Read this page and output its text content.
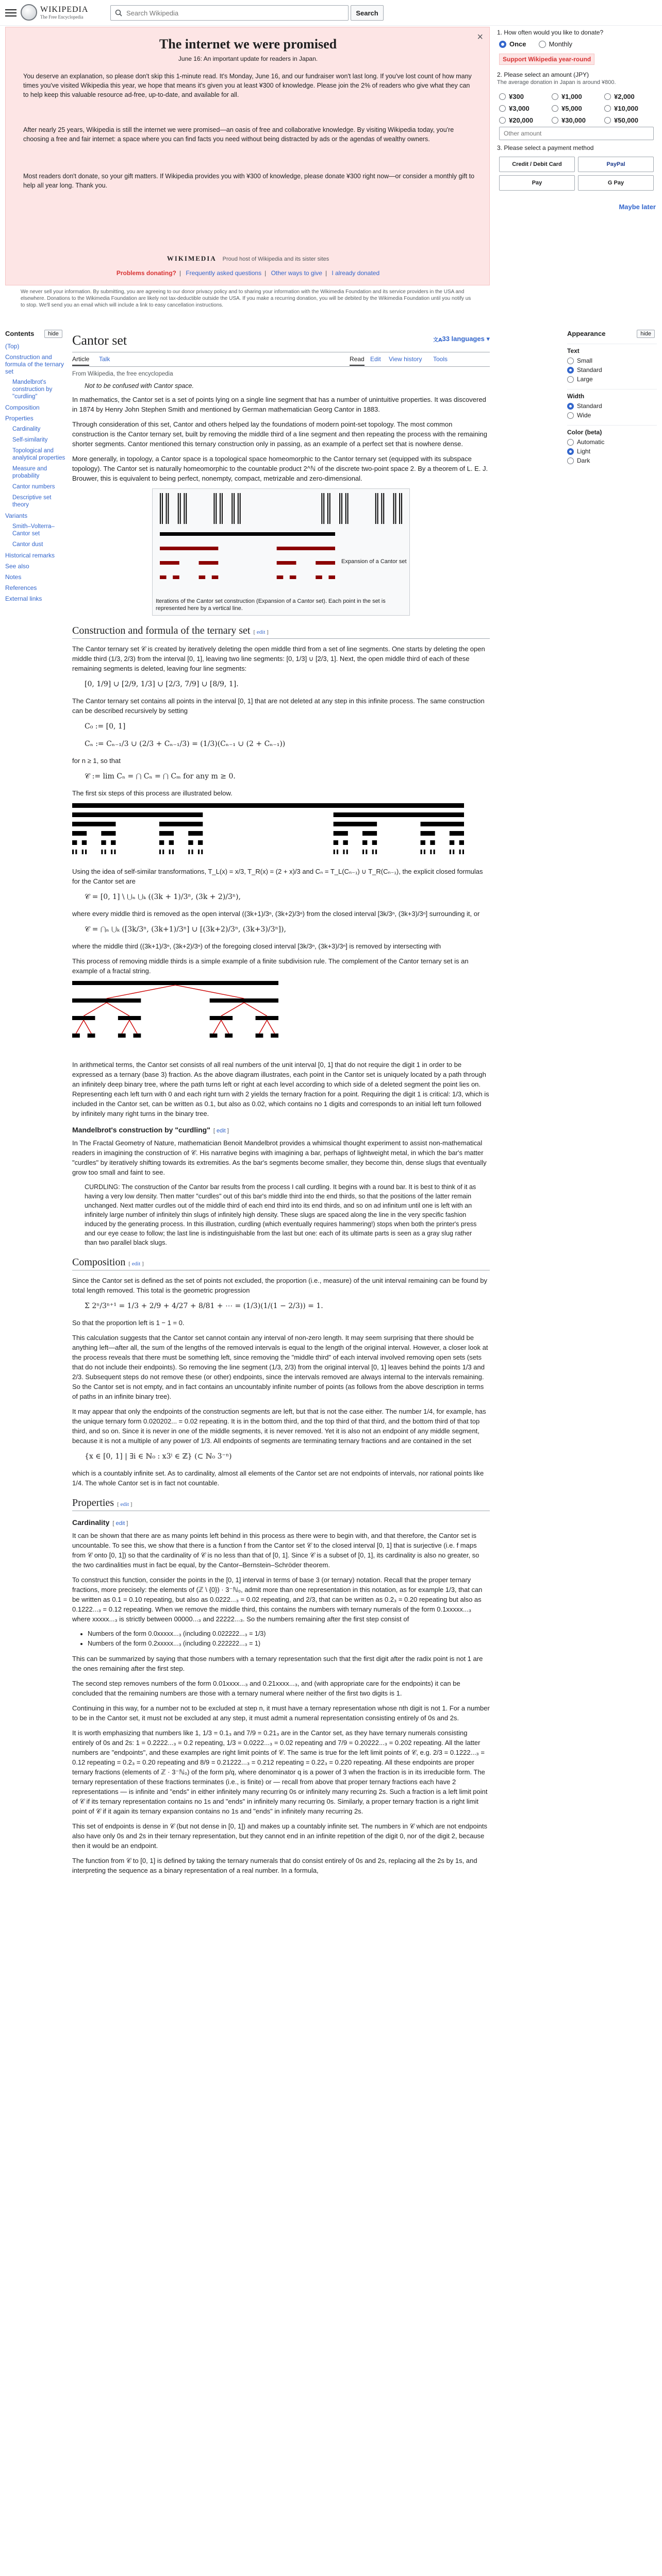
WIKIPEDIA
The Free Encyclopedia
Search Wikipedia
Search
×
The internet we were promised
June 16: An important update for readers in Japan.
You deserve an explanation, so please don't skip this 1-minute read. It's Monday, June 16, and our fundraiser won't last long. If you've lost count of how many times you've visited Wikipedia this year, we hope that means it's given you at least ¥300 of knowledge. Please join the 2% of readers who give what they can to help keep this valuable resource ad-free, up-to-date, and available for all.
After nearly 25 years, Wikipedia is still the internet we were promised—an oasis of free and collaborative knowledge. By visiting Wikipedia today, you're choosing a free and fair internet: a space where you can find facts you need without being distracted by ads or the agendas of wealthy owners.
Most readers don't donate, so your gift matters. If Wikipedia provides you with ¥300 of knowledge, please donate ¥300 right now—or consider a monthly gift to help all year long. Thank you.
WIKIMEDIA Proud host of Wikipedia and its sister sites
Problems donating? | Frequently asked questions | Other ways to give | I already donated
We never sell your information. By submitting, you are agreeing to our donor privacy policy and to sharing your information with the Wikimedia Foundation and its service providers in the USA and elsewhere. Donations to the Wikimedia Foundation are likely not tax-deductible outside the USA. If you make a recurring donation, you will be debited by the Wikimedia Foundation until you notify us to stop. We'll send you an email which will include a link to easy cancellation instructions.
1. How often would you like to donate?
Once	Monthly
Support Wikipedia year-round
2. Please select an amount (JPY)
The average donation in Japan is around ¥800.
¥300	¥1,000	¥2,000
¥3,000	¥5,000	¥10,000
¥20,000	¥30,000	¥50,000
Other amount
3. Please select a payment method
Credit / Debit Card	PayPal
Pay	G Pay
Maybe later
Contents	hide
(Top)
Construction and formula of the ternary set
Mandelbrot's construction by "curdling"
Composition
Properties
Cardinality
Self-similarity
Topological and analytical properties
Measure and probability
Cantor numbers
Descriptive set theory
Variants
Smith–Volterra–Cantor set
Cantor dust
Historical remarks
See also
Notes
References
External links
Cantor set	文A 33 languages ▾
Article Talk	Read Edit View history Tools
From Wikipedia, the free encyclopedia
Not to be confused with Cantor space.

In mathematics, the Cantor set is a set of points lying on a single line segment that has a number of unintuitive properties. It was discovered in 1874 by Henry John Stephen Smith and mentioned by German mathematician Georg Cantor in 1883.

Through consideration of this set, Cantor and others helped lay the foundations of modern point-set topology. The most common construction is the Cantor ternary set, built by removing the middle third of a line segment and then repeating the process with the remaining shorter segments. Cantor mentioned this ternary construction only in passing, as an example of a perfect set that is nowhere dense.

More generally, in topology, a Cantor space is a topological space homeomorphic to the Cantor ternary set (equipped with its subspace topology). The Cantor set is naturally homeomorphic to the countable product 2^ℕ of the discrete two-point space 2. By a theorem of L. E. J. Brouwer, this is equivalent to being perfect, nonempty, compact, metrizable and zero-dimensional.

Expansion of a Cantor set
Iterations of the Cantor set construction (Expansion of a Cantor set). Each point in the set is represented here by a vertical line.
Construction and formula of the ternary set [ edit ]

The Cantor ternary set 𝒞 is created by iteratively deleting the open middle third from a set of line segments. One starts by deleting the open middle third (1/3, 2/3) from the interval [0, 1], leaving two line segments: [0, 1/3] ∪ [2/3, 1]. Next, the open middle third of each of these remaining segments is deleted, leaving four line segments:

[0, 1/9] ∪ [2/9, 1/3] ∪ [2/3, 7/9] ∪ [8/9, 1].

The Cantor ternary set contains all points in the interval [0, 1] that are not deleted at any step in this infinite process. The same construction can be described recursively by setting

C₀ := [0, 1]
Cₙ := Cₙ₋₁/3 ∪ (2/3 + Cₙ₋₁/3) = (1/3)(Cₙ₋₁ ∪ (2 + Cₙ₋₁))

for n ≥ 1, so that

𝒞 := lim Cₙ = ⋂ Cₙ = ⋂ Cₘ for any m ≥ 0.

The first six steps of this process are illustrated below.

Using the idea of self-similar transformations, T_L(x) = x/3, T_R(x) = (2 + x)/3 and Cₙ = T_L(Cₙ₋₁) ∪ T_R(Cₙ₋₁), the explicit closed formulas for the Cantor set are

𝒞 = [0, 1] \ ⋃ₙ ⋃ₖ ((3k + 1)/3ⁿ, (3k + 2)/3ⁿ),

where every middle third is removed as the open interval ((3k+1)/3ⁿ, (3k+2)/3ⁿ) from the closed interval [3k/3ⁿ, (3k+3)/3ⁿ] surrounding it, or

𝒞 = ⋂ₙ ⋃ₖ ([3k/3ⁿ, (3k+1)/3ⁿ] ∪ [(3k+2)/3ⁿ, (3k+3)/3ⁿ]),

where the middle third ((3k+1)/3ⁿ, (3k+2)/3ⁿ) of the foregoing closed interval [3k/3ⁿ, (3k+3)/3ⁿ] is removed by intersecting with

This process of removing middle thirds is a simple example of a finite subdivision rule. The complement of the Cantor ternary set is an example of a fractal string.

In arithmetical terms, the Cantor set consists of all real numbers of the unit interval [0, 1] that do not require the digit 1 in order to be expressed as a ternary (base 3) fraction. As the above diagram illustrates, each point in the Cantor set is uniquely located by a path through an infinitely deep binary tree, where the path turns left or right at each level according to which side of a deleted segment the point lies on. Representing each left turn with 0 and each right turn with 2 yields the ternary fraction for a point. Requiring the digit 1 is critical: 1/3, which is included in the Cantor set, can be written as 0.1, but also as 0.02, which contains no 1 digits and corresponds to an initial left turn followed by infinitely many right turns in the binary tree.

Mandelbrot's construction by "curdling" [ edit ]

In The Fractal Geometry of Nature, mathematician Benoit Mandelbrot provides a whimsical thought experiment to assist non-mathematical readers in imagining the construction of 𝒞. His narrative begins with imagining a bar, perhaps of lightweight metal, in which the bar's matter "curdles" by iteratively shifting towards its extremities. As the bar's segments become smaller, they become thin, dense slugs that eventually grow too small and faint to see.

CURDLING: The construction of the Cantor bar results from the process I call curdling. It begins with a round bar. It is best to think of it as having a very low density. Then matter "curdles" out of this bar's middle third into the end thirds, so that the positions of the latter remain unchanged. Next matter curdles out of the middle third of each end third into its end thirds, and so on ad infinitum until one is left with an infinitely large number of infinitely thin slugs of infinitely high density. These slugs are spaced along the line in the very specific fashion induced by the generating process. In this illustration, curdling (which eventually requires hammering!) stops when both the printer's press and our eye cease to follow; the last line is indistinguishable from the last but one: each of its ultimate parts is seen as a gray slug rather than two parallel black slugs.
Composition [ edit ]

Since the Cantor set is defined as the set of points not excluded, the proportion (i.e., measure) of the unit interval remaining can be found by total length removed. This total is the geometric progression

Σ 2ⁿ/3ⁿ⁺¹ = 1/3 + 2/9 + 4/27 + 8/81 + ⋯ = (1/3)(1/(1 − 2/3)) = 1.

So that the proportion left is 1 − 1 = 0.

This calculation suggests that the Cantor set cannot contain any interval of non-zero length. It may seem surprising that there should be anything left—after all, the sum of the lengths of the removed intervals is equal to the length of the original interval. However, a closer look at the process reveals that there must be something left, since removing the "middle third" of each interval involved removing open sets (sets that do not include their endpoints). So removing the line segment (1/3, 2/3) from the original interval [0, 1] leaves behind the points 1/3 and 2/3. Subsequent steps do not remove these (or other) endpoints, since the intervals removed are always internal to the intervals remaining. So the Cantor set is not empty, and in fact contains an uncountably infinite number of points (as follows from the above description in terms of paths in an infinite binary tree).

It may appear that only the endpoints of the construction segments are left, but that is not the case either. The number 1/4, for example, has the unique ternary form 0.020202... = 0.02 repeating. It is in the bottom third, and the top third of that third, and the bottom third of that top third, and so on. Since it is never in one of the middle segments, it is never removed. Yet it is also not an endpoint of any middle segment, because it is not a multiple of any power of 1/3. All endpoints of segments are terminating ternary fractions and are contained in the set

{x ∈ [0, 1] | ∃i ∈ ℕ₀ : x3ⁱ ∈ ℤ} (⊂ ℕ₀ 3⁻ⁿ)

which is a countably infinite set. As to cardinality, almost all elements of the Cantor set are not endpoints of intervals, nor rational points like 1/4. The whole Cantor set is in fact not countable.

Properties [ edit ]
Cardinality [ edit ]

It can be shown that there are as many points left behind in this process as there were to begin with, and that therefore, the Cantor set is uncountable. To see this, we show that there is a function f from the Cantor set 𝒞 to the closed interval [0, 1] that is surjective (i.e. f maps from 𝒞 onto [0, 1]) so that the cardinality of 𝒞 is no less than that of [0, 1]. Since 𝒞 is a subset of [0, 1], its cardinality is also no greater, so the two cardinalities must in fact be equal, by the Cantor–Bernstein–Schröder theorem.

To construct this function, consider the points in the [0, 1] interval in terms of base 3 (or ternary) notation. Recall that the proper ternary fractions, more precisely: the elements of (ℤ \ {0}) · 3⁻ℕ₀, admit more than one representation in this notation, as for example 1/3, that can be written as 0.1 = 0.10 repeating, but also as 0.0222...₃ = 0.02 repeating, and 2/3, that can be written as 0.2₃ = 0.20 repeating but also as 0.1222...₃ = 0.12 repeating. When we remove the middle third, this contains the numbers with ternary numerals of the form 0.1xxxxx...₃ where xxxxx...₃ is strictly between 00000...₃ and 22222...₃. So the numbers remaining after the first step consist of

• Numbers of the form 0.0xxxxx...₃ (including 0.022222...₃ = 1/3)
• Numbers of the form 0.2xxxxx...₃ (including 0.222222...₃ = 1)

This can be summarized by saying that those numbers with a ternary representation such that the first digit after the radix point is not 1 are the ones remaining after the first step.

The second step removes numbers of the form 0.01xxxx...₃ and 0.21xxxx...₃, and (with appropriate care for the endpoints) it can be concluded that the remaining numbers are those with a ternary numeral where neither of the first two digits is 1.

Continuing in this way, for a number not to be excluded at step n, it must have a ternary representation whose nth digit is not 1. For a number to be in the Cantor set, it must not be excluded at any step, it must admit a numeral representation consisting entirely of 0s and 2s.

It is worth emphasizing that numbers like 1, 1/3 = 0.1₃ and 7/9 = 0.21₃ are in the Cantor set, as they have ternary numerals consisting entirely of 0s and 2s: 1 = 0.2222...₃ = 0.2 repeating, 1/3 = 0.0222...₃ = 0.02 repeating and 7/9 = 0.20222...₃ = 0.202 repeating. All the latter numbers are "endpoints", and these examples are right limit points of 𝒞. The same is true for the left limit points of 𝒞, e.g. 2/3 = 0.1222...₃ = 0.12 repeating = 0.2₃ = 0.20 repeating and 8/9 = 0.21222...₃ = 0.212 repeating = 0.22₃ = 0.220 repeating. All these endpoints are proper ternary fractions (elements of ℤ · 3⁻ℕ₀) of the form p/q, where denominator q is a power of 3 when the fraction is in its irreducible form. The ternary representation of these fractions terminates (i.e., is finite) or — recall from above that proper ternary fractions each have 2 representations — is infinite and "ends" in either infinitely many recurring 0s or infinitely many recurring 2s. Such a fraction is a left limit point of 𝒞 if its ternary representation contains no 1s and "ends" in infinitely many recurring 0s. Similarly, a proper ternary fraction is a right limit point of 𝒞 if it again its ternary expansion contains no 1s and "ends" in infinitely many recurring 2s.

This set of endpoints is dense in 𝒞 (but not dense in [0, 1]) and makes up a countably infinite set. The numbers in 𝒞 which are not endpoints also have only 0s and 2s in their ternary representation, but they cannot end in an infinite repetition of the digit 0, nor of the digit 2, because then it would be an endpoint.

The function from 𝒞 to [0, 1] is defined by taking the ternary numerals that do consist entirely of 0s and 2s, replacing all the 2s by 1s, and interpreting the sequence as a binary representation of a real number. In a formula,

Appearance	hide
Text
Small
Standard
Large
Width
Standard
Wide
Color (beta)
Automatic
Light
Dark
